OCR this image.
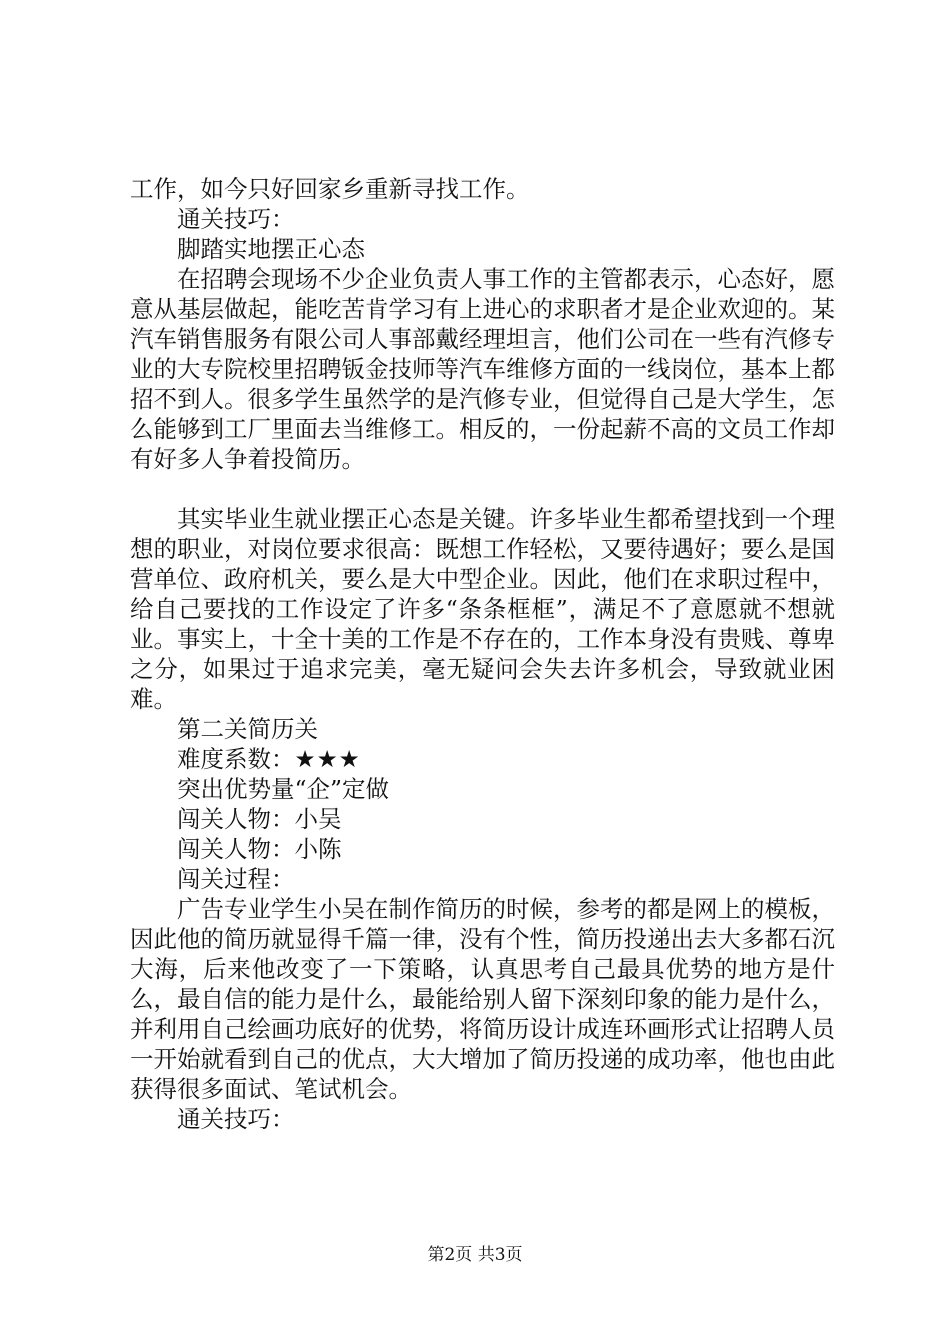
工作，如今只好回家乡重新寻找工作。

通关技巧：

脚踏实地摆正心态

在招聘会现场不少企业负责人事工作的主管都表示，心态好，愿意从基层做起，能吃苦肯学习有上进心的求职者才是企业欢迎的。某汽车销售服务有限公司人事部戴经理坦言，他们公司在一些有汽修专业的大专院校里招聘钣金技师等汽车维修方面的一线岗位，基本上都招不到人。很多学生虽然学的是汽修专业，但觉得自己是大学生，怎么能够到工厂里面去当维修工。相反的，一份起薪不高的文员工作却有好多人争着投简历。

其实毕业生就业摆正心态是关键。许多毕业生都希望找到一个理想的职业，对岗位要求很高：既想工作轻松，又要待遇好；要么是国营单位、政府机关，要么是大中型企业。因此，他们在求职过程中，给自己要找的工作设定了许多“条条框框”，满足不了意愿就不想就业。事实上，十全十美的工作是不存在的，工作本身没有贵贱、尊卑之分，如果过于追求完美，毫无疑问会失去许多机会，导致就业困难。

第二关简历关

难度系数：★★★

突出优势量“企”定做

闯关人物：小吴

闯关人物：小陈

闯关过程：

广告专业学生小吴在制作简历的时候，参考的都是网上的模板，因此他的简历就显得千篇一律，没有个性，简历投递出去大多都石沉大海，后来他改变了一下策略，认真思考自己最具优势的地方是什么，最自信的能力是什么，最能给别人留下深刻印象的能力是什么，并利用自己绘画功底好的优势，将简历设计成连环画形式让招聘人员一开始就看到自己的优点，大大增加了简历投递的成功率，他也由此获得很多面试、笔试机会。

通关技巧：

第2页 共3页
